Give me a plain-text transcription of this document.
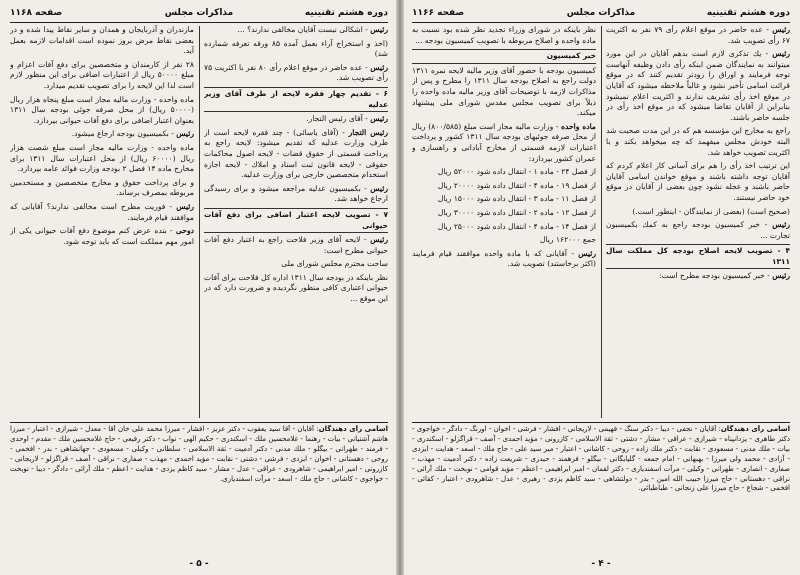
دوره هشتم تقنينيه
مذاكرات مجلس
صفحه ۱۱۶۸

رئيس - اشكالى نيست آقايان مخالفى ندارند؟ ...

(اخذ و استخراج آراء بعمل آمده ۸۵ ورقه تعرفه شمارده شد)

رئيس - عده حاضر در موقع اعلام رأى ۸۰ نفر با اكثريت ۷۵ رأى تصويب شد.

۶ - تقديم چهار فقره لايحه از طرف آقاى وزير عدليه

رئيس - آقاى رئيس التجار.

رئيس التجار - (آقاى ياسائى) - چند فقره لايحه است از طرف وزارت عدليه كه تقديم ميشود: لايحه راجع به پرداخت قسمتى از حقوق قضات - لايحه اصول محاكمات حقوقى - لايحه قانون ثبت اسناد و املاك - لايحه اجازه استخدام متخصصين خارجى براى وزارت عدليه.

رئيس - بكميسيون عدليه مراجعه ميشود و براى رسيدگى ارجاع خواهد شد.

۷ - تصويب لايحه اعتبار اضافى براى دفع آفات حيوانى

رئيس - لايحه آقاى وزير فلاحت راجع به اعتبار دفع آفات حيوانى مطرح است:

ساحت محترم مجلس شوراى ملى

نظر باينكه در بودجه سال ۱۳۱۱ اداره كل فلاحت براى آفات حيوانى اعتبارى كافى منظور نگرديده و ضرورت دارد كه در اين موقع ...

مازندران و آذربايجان و همدان و ساير نقاط پيدا شده و در بعضى نقاط مرض بروز نموده است اقدامات لازمه بعمل آيد.

۲۸ نفر از كارمندان و متخصصين براى دفع آفات اعزام و مبلغ ۵۰۰۰۰ ريال از اعتبارات اضافى براى اين منظور لازم است لذا اين لايحه را براى تصويب تقديم ميدارد.

ماده واحده - وزارت ماليه مجاز است مبلغ پنجاه هزار ريال (۵۰۰۰۰ ريال) از محل صرفه جوئى بودجه سال ۱۳۱۱ بعنوان اعتبار اضافى براى دفع آفات حيوانى بپردازد.

رئيس - بكميسيون بودجه ارجاع ميشود.

ماده واحده - وزارت ماليه مجاز است مبلغ شصت هزار ريال (۶۰۰۰۰ ريال) از محل اعتبارات سال ۱۳۱۱ براى مخارج ماده ۱۴ فصل ۲ بودجه وزارت فوائد عامه بپردازد.

و براى پرداخت حقوق و مخارج متخصصين و مستخدمين مربوطه بمصرف برساند.

رئيس - فوريت مطرح است مخالفى ندارند؟ آقايانى كه موافقند قيام فرمايند.

دوحى - بنده عرض كنم موضوع دفع آفات حيوانى يكى از امور مهم مملكت است كه بايد توجه شود.

اسامى رأى دهندگان: آقايان - آقا سيد يعقوب - دكتر عزيز - افشار - ميرزا محمد على خان آقا - معدل - شيرازى - اعتبار - ميرزا هاشم آشتيانى - بيات - رهنما - غلامحسين ملك - اسكندرى - حكيم الهى - نواب - دكتر رفيعى - حاج غلامحسين ملك - مقدم - اوحدى - فرمند - طهرانى - بيگلو - ملك مدنى - دكتر آدميت - ثقة الاسلامى - سلطانى - وكيلى - مسعودى - جهانشاهى - بدر - افخمى - روحى - دهستانى - اخوان - ايزدى - فرشى - دشتى - نقابت - مؤيد احمدى - مهذب - صفارى - نراقى - آصف - قراگزلو - لاريجانى - كازرونى - امير ابراهيمى - شاهرودى - عراقى - عدل - مشار - سيد كاظم يزدى - هدايت - اعظم - ملك آرائى - دادگر - ديبا - نوبخت - خواجوى - كاشانى - حاج ملك - اسعد - مرآت اسفنديارى.
- ۵ -
دوره هشتم تقنينيه
مذاكرات مجلس
صفحه ۱۱۶۶

رئيس - عده حاضر در موقع اعلام رأى ۷۹ نفر به اكثريت ۶۷ رأى تصويب شد.

رئيس - يك تذكرى لازم است بدهم آقايان در اين مورد ميتوانند به نمايندگان ضمن اينكه رأى دادن وظيفه آنهاست توجه فرمايند و اوراق را زودتر تقديم كنند كه در موقع قرائت اسامى تأخير نشود و غالباً ملاحظه ميشود كه آقايان در موقع اخذ رأى تشريف ندارند و اكثريت اعلام نميشود بنابراين از آقايان تقاضا ميشود كه در موقع اخذ رأى در جلسه حاضر باشند.

راجع به مخارج اين مؤسسه هم كه در اين مدت صحبت شد البته خودش مجلس ميفهمد كه چه ميخواهد بكند و با اكثريت تصويب خواهد شد.

اين ترتيب اخذ رأى را هم براى آسانى كار اعلام كردم كه آقايان توجه داشته باشند و موقع خواندن اسامى آقايان حاضر باشند و عجله نشود چون بعضى از آقايان در موقع خود حاضر نيستند.

(صحيح است) (بعضى از نمايندگان - اينطور است.)

رئيس - خبر كميسيون بودجه راجع به كمك بكميسيون تجارت ...

۴ - تصويب لايحه اصلاح بودجه كل مملكت سال ۱۳۱۱

رئيس - خبر كميسيون بودجه مطرح است:

نظر باينكه در شوراى وزراء تجديد نظر شده بود نسبت به ماده واحده و اصلاح مربوطه با تصويب كميسيون بودجه ...

خبر كميسيون

كميسيون بودجه با حضور آقاى وزير ماليه لايحه نمره ۱۳۱۱ دولت راجع به اصلاح بودجه سال ۱۳۱۱ را مطرح و پس از مذاكرات لازمه با توضيحات آقاى وزير ماليه ماده واحده را ذيلاً براى تصويب مجلس مقدس شوراى ملى پيشنهاد ميكند.

ماده واحده - وزارت ماليه مجاز است مبلغ (۸۰۰/۵۸۵) ريال از محل صرفه جوئيهاى بودجه سال ۱۳۱۱ كشور و پرداخت اعتبارات لازمه قسمتى از مخارج آبادانى و راهسازى و عمران كشور بپردازد:

از فصل ۲۴ - ماده ۱ - انتقال داده شود ۵۲۰۰۰ ريال

از فصل ۱۹ - ماده ۴ - انتقال داده شود ۲۰۰۰۰ ريال

از فصل ۱۱ - ماده ۳ - انتقال داده شود ۱۵۰۰۰ ريال

از فصل ۱۲ - ماده ۲ - انتقال داده شود ۳۰۰۰۰ ريال

از فصل ۱۴ - ماده ۴ - انتقال داده شود ۲۵۰۰۰ ريال

جمع ۱۶۲۰۰۰ ريال

رئيس - آقايانى كه با ماده واحده موافقند قيام فرمايند (اكثر برخاستند) تصويب شد.

اسامى رأى دهندگان: آقايان - نجفى - ديبا - دكتر سنگ - فهيمى - لاريجانى - افشار - فرشى - اخوان - اورنگ - دادگر - خواجوى - دكتر طاهرى - يزدانپناه - شيرازى - عراقى - مشار - دشتى - ثقة الاسلامى - كازرونى - مؤيد احمدى - آصف - قراگزلو - اسكندرى - بيات - ملك مدنى - مسعودى - نقابت - دكتر ملك زاده - روحى - كاشانى - اعتبار - مير سيد على - حاج ملك - اسعد - هدايت - ايزدى - آزادى - محمد ولى ميرزا - بهبهانى - امام جمعه - گلپايگانى - بيگلو - فرهمند - حيدرى - شريعت زاده - دكتر آدميت - مهذب - صفارى - انصارى - طهرانى - وكيلى - مرآت اسفنديارى - دكتر لقمان - امير ابراهيمى - اعظم - مؤيد قوامى - نوبخت - ملك آرائى - نراقى - دهستانى - حاج ميرزا حبيب الله امين - بدر - دولتشاهى - سيد كاظم يزدى - رهبرى - عدل - شاهرودى - اعتبار - كفائى - افخمى - شجاع - حاج ميرزا على زنجانى - طباطبائى.
- ۴ -
